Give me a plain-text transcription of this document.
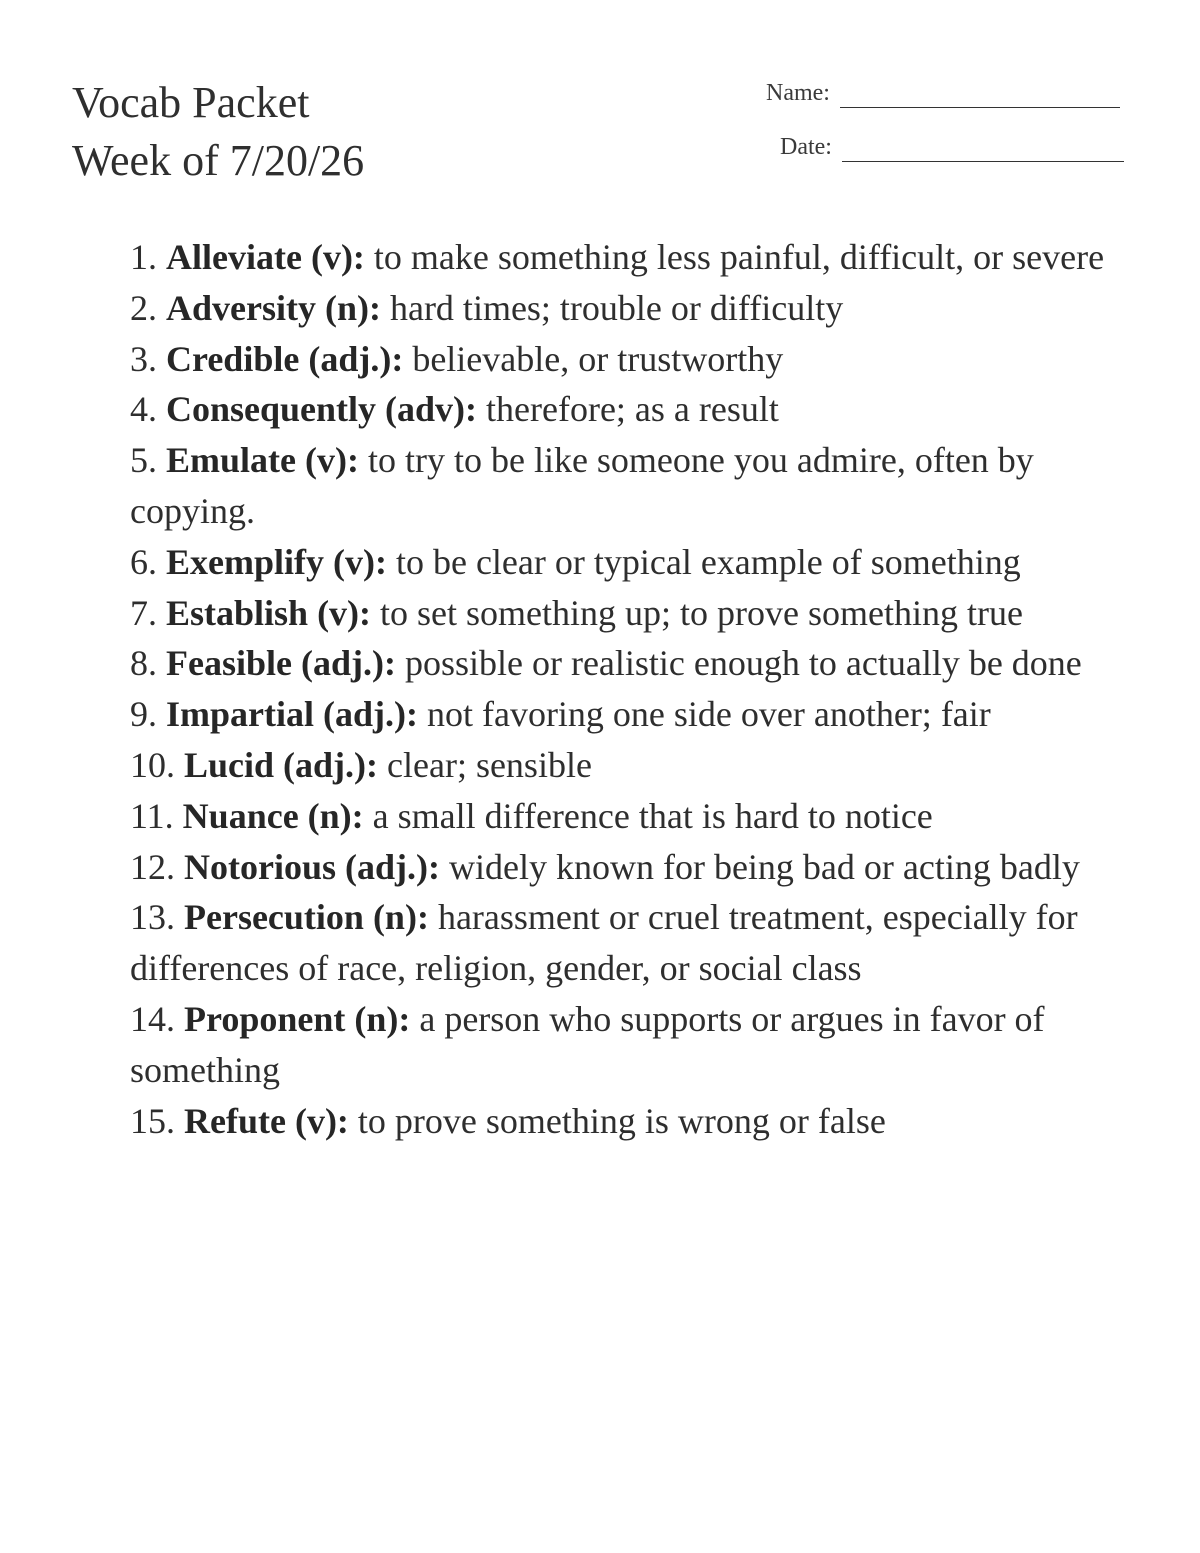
Vocab Packet
Week of 7/20/26
Name:
Date:
1. Alleviate (v): to make something less painful, difficult, or severe
2. Adversity (n): hard times; trouble or difficulty
3. Credible (adj.): believable, or trustworthy
4. Consequently (adv): therefore; as a result
5. Emulate (v): to try to be like someone you admire, often by copying.
6. Exemplify (v): to be clear or typical example of something
7. Establish (v): to set something up; to prove something true
8. Feasible (adj.): possible or realistic enough to actually be done
9. Impartial (adj.): not favoring one side over another; fair
10. Lucid (adj.): clear; sensible
11. Nuance (n): a small difference that is hard to notice
12. Notorious (adj.): widely known for being bad or acting badly
13. Persecution (n): harassment or cruel treatment, especially for differences of race, religion, gender, or social class
14. Proponent (n): a person who supports or argues in favor of something
15. Refute (v): to prove something is wrong or false
